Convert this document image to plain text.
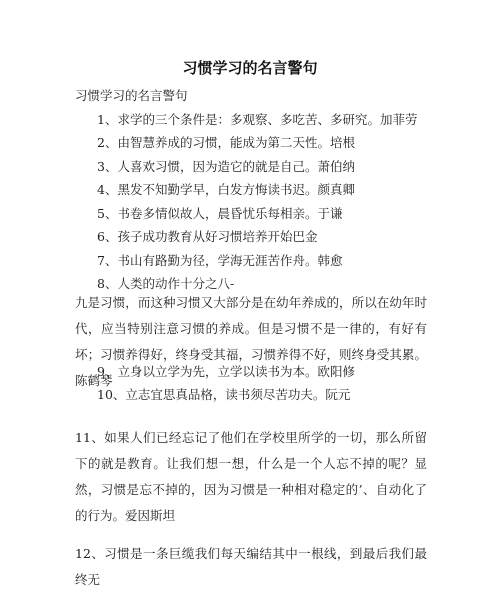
习惯学习的名言警句
习惯学习的名言警句
1、求学的三个条件是：多观察、多吃苦、多研究。加菲劳
2、由智慧养成的习惯，能成为第二天性。培根
3、人喜欢习惯，因为造它的就是自己。萧伯纳
4、黑发不知勤学早，白发方悔读书迟。颜真卿
5、书卷多情似故人，晨昏忧乐每相亲。于谦
6、孩子成功教育从好习惯培养开始巴金
7、书山有路勤为径，学海无涯苦作舟。韩愈
8、人类的动作十分之八-
九是习惯，而这种习惯又大部分是在幼年养成的，所以在幼年时代，应当特别注意习惯的养成。但是习惯不是一律的，有好有坏；习惯养得好，终身受其福，习惯养得不好，则终身受其累。陈鹤琴
9、立身以立学为先，立学以读书为本。欧阳修
10、立志宜思真品格，读书须尽苦功夫。阮元
11、如果人们已经忘记了他们在学校里所学的一切，那么所留下的就是教育。让我们想一想，什么是一个人忘不掉的呢？显然，习惯是忘不掉的，因为习惯是一种相对稳定的’、自动化了的行为。爱因斯坦
12、习惯是一条巨缆我们每天编结其中一根线，到最后我们最终无
